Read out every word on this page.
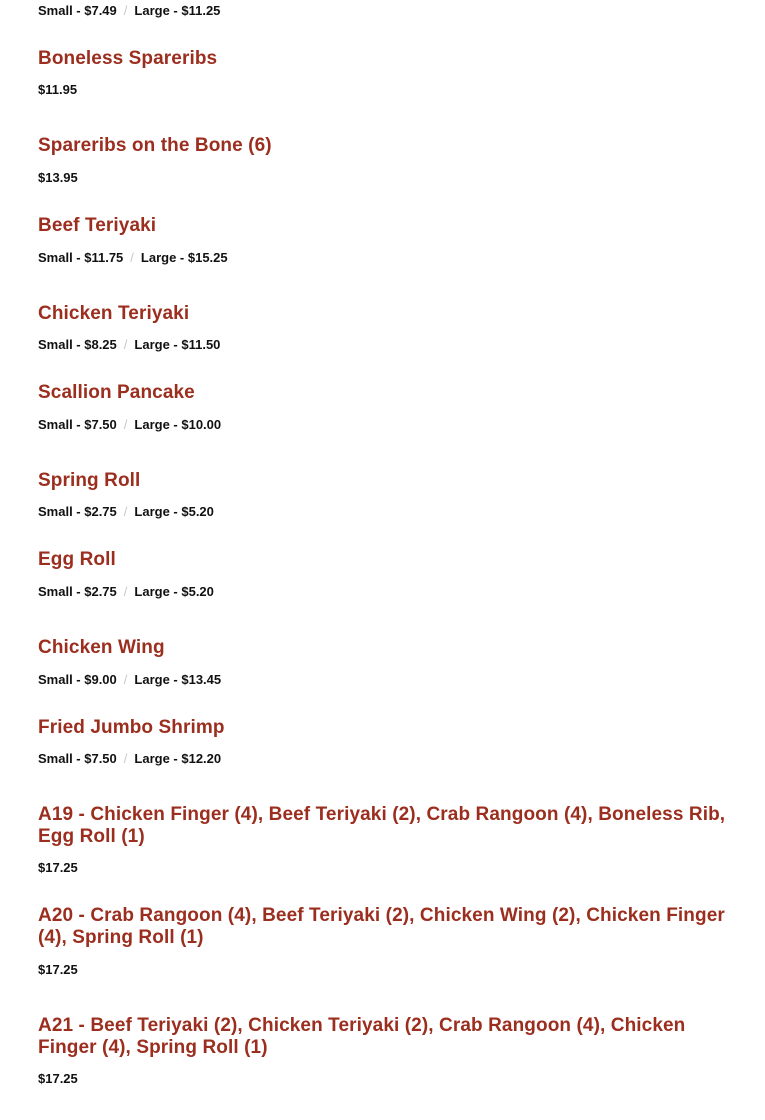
Small - $7.49 / Large - $11.25
Boneless Spareribs
$11.95
Spareribs on the Bone (6)
$13.95
Beef Teriyaki
Small - $11.75 / Large - $15.25
Chicken Teriyaki
Small - $8.25 / Large - $11.50
Scallion Pancake
Small - $7.50 / Large - $10.00
Spring Roll
Small - $2.75 / Large - $5.20
Egg Roll
Small - $2.75 / Large - $5.20
Chicken Wing
Small - $9.00 / Large - $13.45
Fried Jumbo Shrimp
Small - $7.50 / Large - $12.20
A19 - Chicken Finger (4), Beef Teriyaki (2), Crab Rangoon (4), Boneless Rib, Egg Roll (1)
$17.25
A20 - Crab Rangoon (4), Beef Teriyaki (2), Chicken Wing (2), Chicken Finger (4), Spring Roll (1)
$17.25
A21 - Beef Teriyaki (2), Chicken Teriyaki (2), Crab Rangoon (4), Chicken Finger (4), Spring Roll (1)
$17.25
